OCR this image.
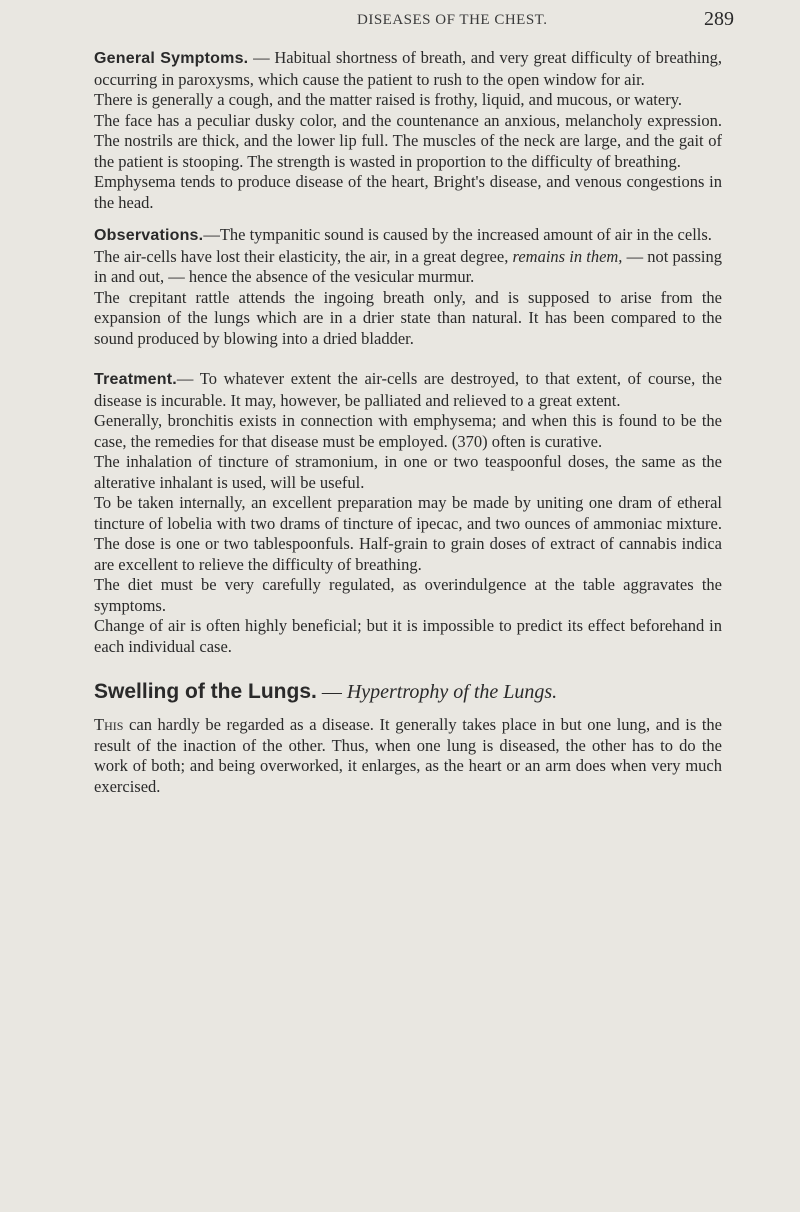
DISEASES OF THE CHEST.	289

General Symptoms. — Habitual shortness of breath, and very great difficulty of breathing, occurring in paroxysms, which cause the patient to rush to the open window for air.

There is generally a cough, and the matter raised is frothy, liquid, and mucous, or watery.

The face has a peculiar dusky color, and the countenance an anxious, melancholy expression. The nostrils are thick, and the lower lip full. The muscles of the neck are large, and the gait of the patient is stooping. The strength is wasted in proportion to the difficulty of breathing.

Emphysema tends to produce disease of the heart, Bright's disease, and venous congestions in the head.

Observations.—The tympanitic sound is caused by the increased amount of air in the cells.

The air-cells have lost their elasticity, the air, in a great degree, remains in them, — not passing in and out, — hence the absence of the vesicular murmur.

The crepitant rattle attends the ingoing breath only, and is supposed to arise from the expansion of the lungs which are in a drier state than natural. It has been compared to the sound produced by blowing into a dried bladder.

Treatment.— To whatever extent the air-cells are destroyed, to that extent, of course, the disease is incurable. It may, however, be palliated and relieved to a great extent.

Generally, bronchitis exists in connection with emphysema; and when this is found to be the case, the remedies for that disease must be employed. (370) often is curative.

The inhalation of tincture of stramonium, in one or two teaspoonful doses, the same as the alterative inhalant is used, will be useful.

To be taken internally, an excellent preparation may be made by uniting one dram of etheral tincture of lobelia with two drams of tincture of ipecac, and two ounces of ammoniac mixture. The dose is one or two tablespoonfuls. Half-grain to grain doses of extract of cannabis indica are excellent to relieve the difficulty of breathing.

The diet must be very carefully regulated, as overindulgence at the table aggravates the symptoms.

Change of air is often highly beneficial; but it is impossible to predict its effect beforehand in each individual case.

Swelling of the Lungs. — Hypertrophy of the Lungs.

This can hardly be regarded as a disease. It generally takes place in but one lung, and is the result of the inaction of the other. Thus, when one lung is diseased, the other has to do the work of both; and being overworked, it enlarges, as the heart or an arm does when very much exercised.
